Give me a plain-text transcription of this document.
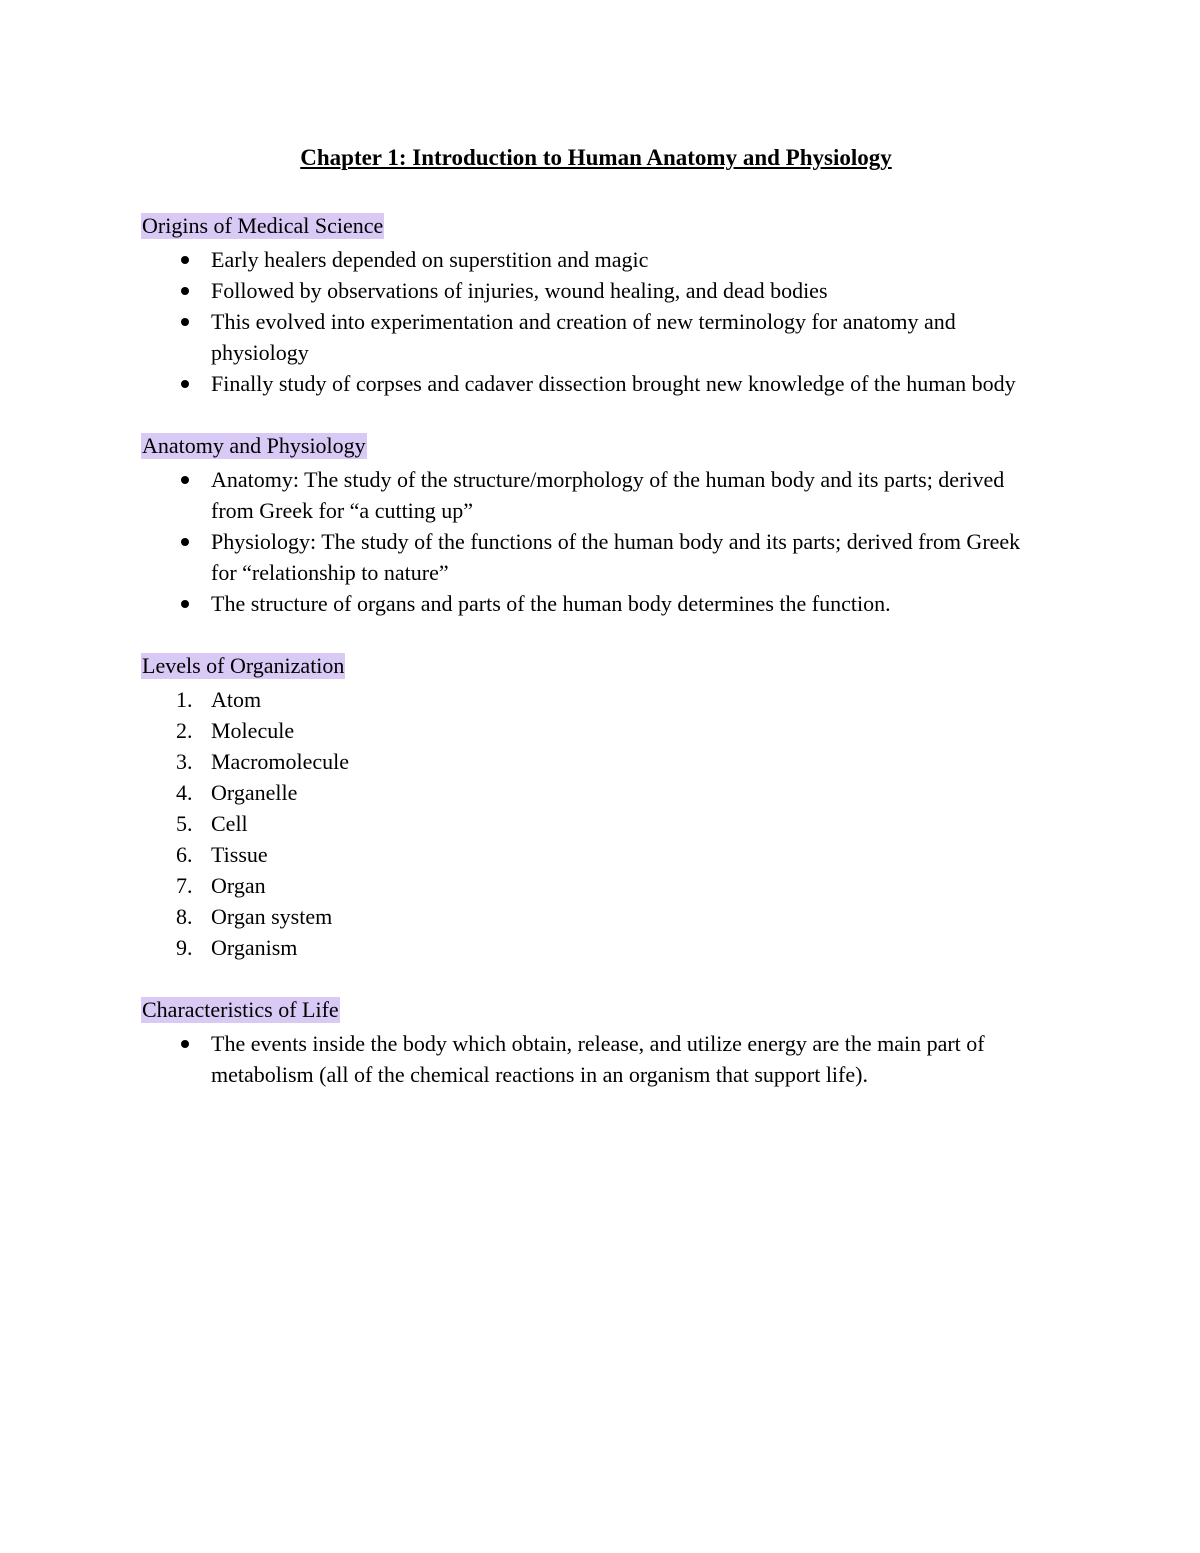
Chapter 1: Introduction to Human Anatomy and Physiology
Origins of Medical Science
Early healers depended on superstition and magic
Followed by observations of injuries, wound healing, and dead bodies
This evolved into experimentation and creation of new terminology for anatomy and physiology
Finally study of corpses and cadaver dissection brought new knowledge of the human body
Anatomy and Physiology
Anatomy: The study of the structure/morphology of the human body and its parts; derived from Greek for “a cutting up”
Physiology: The study of the functions of the human body and its parts; derived from Greek for “relationship to nature”
The structure of organs and parts of the human body determines the function.
Levels of Organization
1. Atom
2. Molecule
3. Macromolecule
4. Organelle
5. Cell
6. Tissue
7. Organ
8. Organ system
9. Organism
Characteristics of Life
The events inside the body which obtain, release, and utilize energy are the main part of metabolism (all of the chemical reactions in an organism that support life).
